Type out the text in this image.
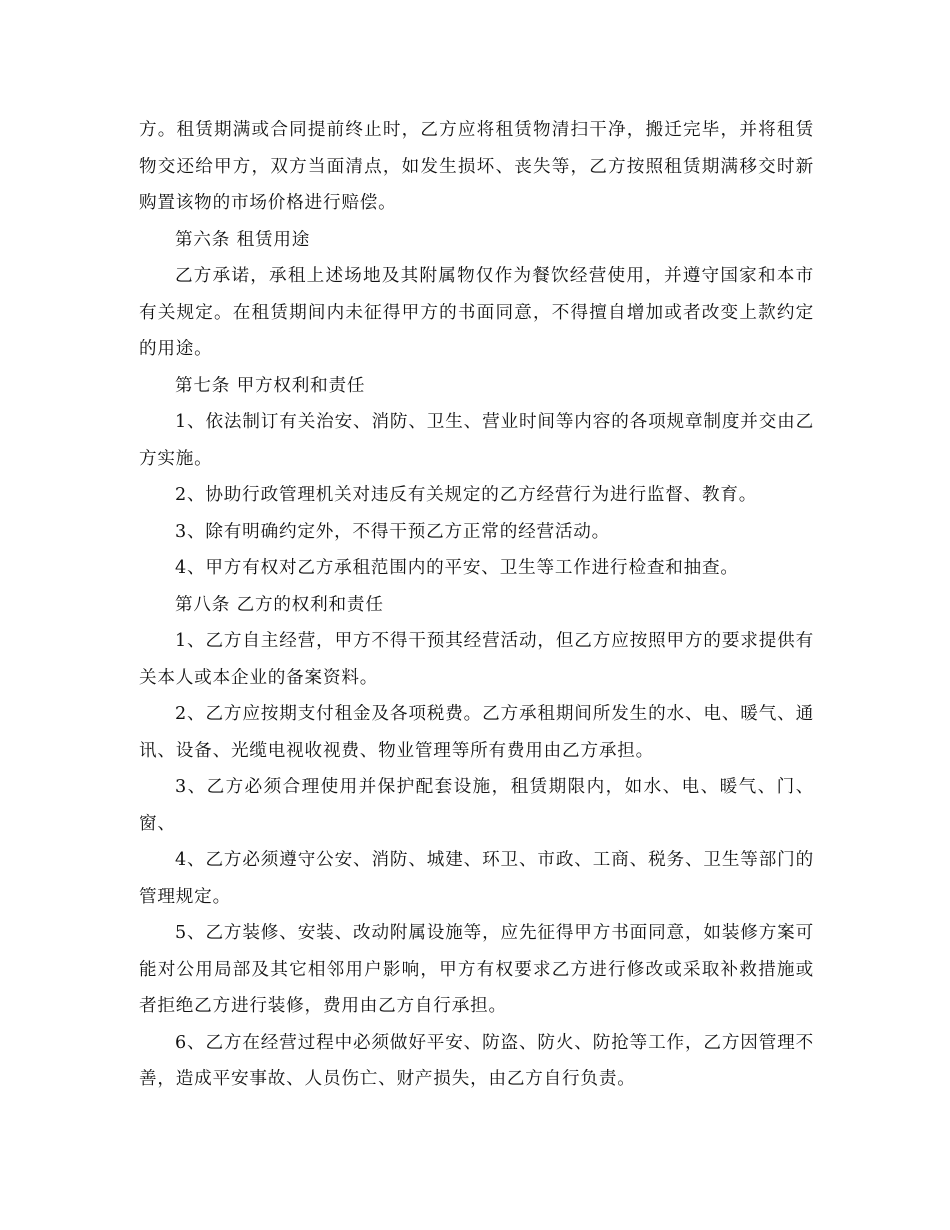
方。租赁期满或合同提前终止时，乙方应将租赁物清扫干净，搬迁完毕，并将租赁物交还给甲方，双方当面清点，如发生损坏、丧失等，乙方按照租赁期满移交时新购置该物的市场价格进行赔偿。

第六条 租赁用途

乙方承诺，承租上述场地及其附属物仅作为餐饮经营使用，并遵守国家和本市有关规定。在租赁期间内未征得甲方的书面同意，不得擅自增加或者改变上款约定的用途。

第七条 甲方权利和责任

1、依法制订有关治安、消防、卫生、营业时间等内容的各项规章制度并交由乙方实施。

2、协助行政管理机关对违反有关规定的乙方经营行为进行监督、教育。

3、除有明确约定外，不得干预乙方正常的经营活动。

4、甲方有权对乙方承租范围内的平安、卫生等工作进行检查和抽查。

第八条 乙方的权利和责任

1、乙方自主经营，甲方不得干预其经营活动，但乙方应按照甲方的要求提供有关本人或本企业的备案资料。

2、乙方应按期支付租金及各项税费。乙方承租期间所发生的水、电、暖气、通讯、设备、光缆电视收视费、物业管理等所有费用由乙方承担。

3、乙方必须合理使用并保护配套设施，租赁期限内，如水、电、暖气、门、窗、

4、乙方必须遵守公安、消防、城建、环卫、市政、工商、税务、卫生等部门的管理规定。

5、乙方装修、安装、改动附属设施等，应先征得甲方书面同意，如装修方案可能对公用局部及其它相邻用户影响，甲方有权要求乙方进行修改或采取补救措施或者拒绝乙方进行装修，费用由乙方自行承担。

6、乙方在经营过程中必须做好平安、防盗、防火、防抢等工作，乙方因管理不善，造成平安事故、人员伤亡、财产损失，由乙方自行负责。
